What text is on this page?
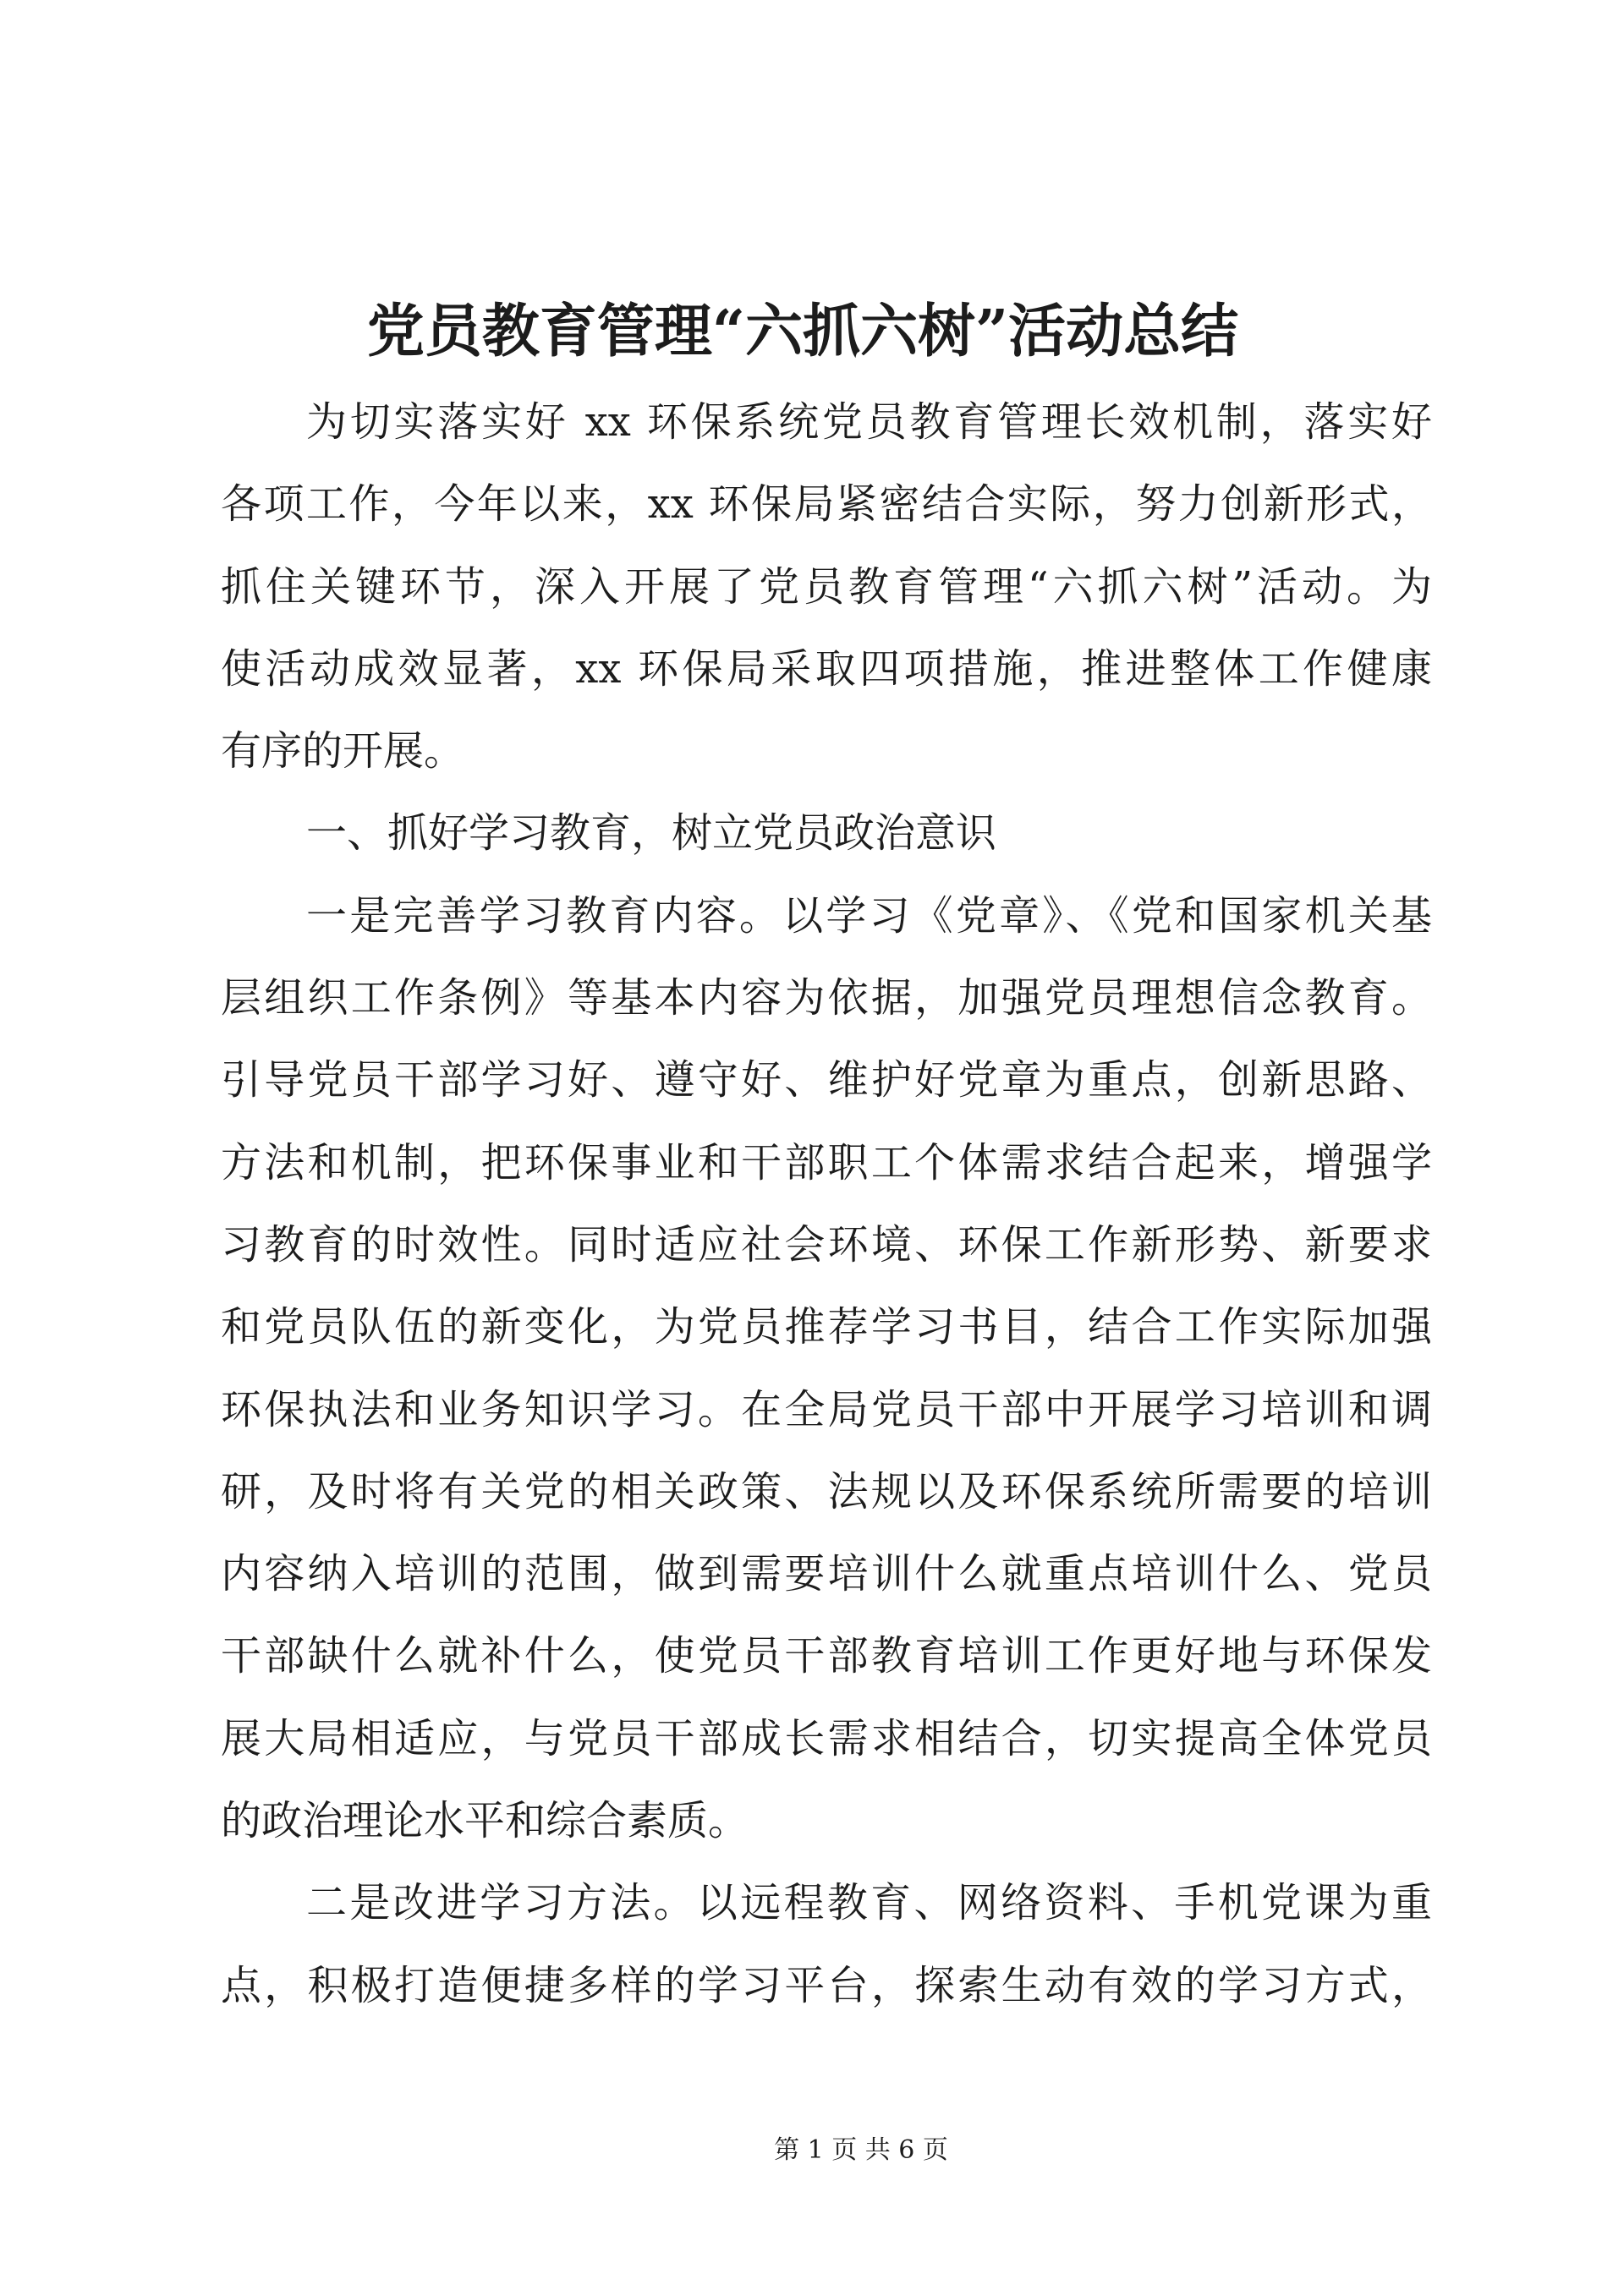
党员教育管理“六抓六树”活动总结
为切实落实好 xx 环保系统党员教育管理长效机制，落实好
各项工作，今年以来，xx 环保局紧密结合实际，努力创新形式，
抓住关键环节，深入开展了党员教育管理“六抓六树”活动。为
使活动成效显著，xx 环保局采取四项措施，推进整体工作健康
有序的开展。
一、抓好学习教育，树立党员政治意识
一是完善学习教育内容。以学习《党章》、《党和国家机关基
层组织工作条例》等基本内容为依据，加强党员理想信念教育。
引导党员干部学习好、遵守好、维护好党章为重点，创新思路、
方法和机制，把环保事业和干部职工个体需求结合起来，增强学
习教育的时效性。同时适应社会环境、环保工作新形势、新要求
和党员队伍的新变化，为党员推荐学习书目，结合工作实际加强
环保执法和业务知识学习。在全局党员干部中开展学习培训和调
研，及时将有关党的相关政策、法规以及环保系统所需要的培训
内容纳入培训的范围，做到需要培训什么就重点培训什么、党员
干部缺什么就补什么，使党员干部教育培训工作更好地与环保发
展大局相适应，与党员干部成长需求相结合，切实提高全体党员
的政治理论水平和综合素质。
二是改进学习方法。以远程教育、网络资料、手机党课为重
点，积极打造便捷多样的学习平台，探索生动有效的学习方式，
第 1 页 共 6 页
